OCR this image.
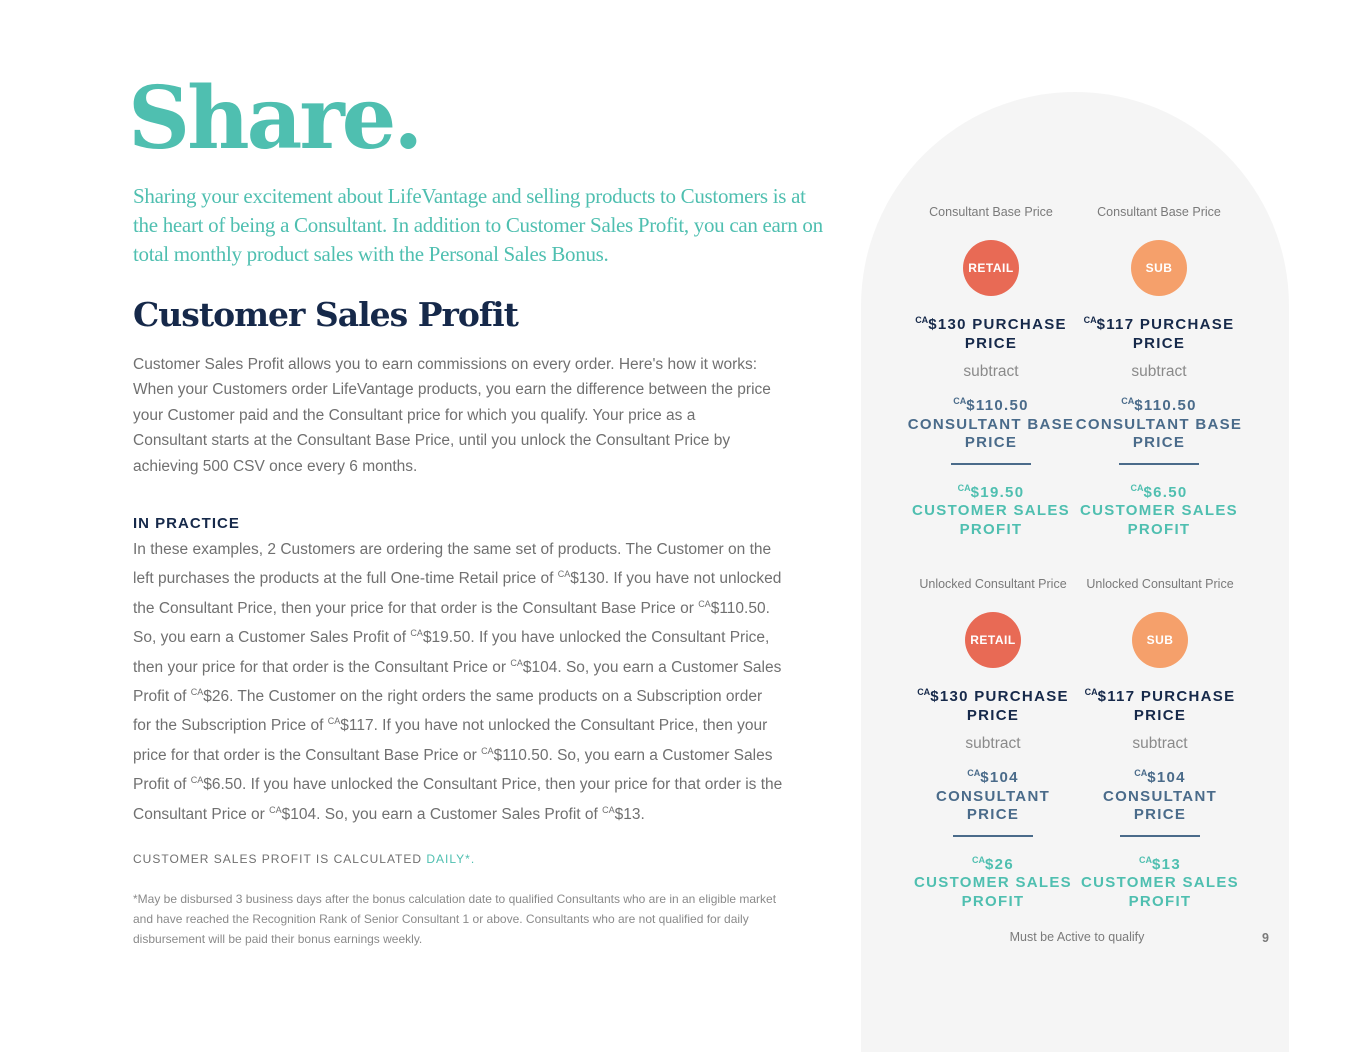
Share.

Sharing your excitement about LifeVantage and selling products to Customers is at the heart of being a Consultant. In addition to Customer Sales Profit, you can earn on total monthly product sales with the Personal Sales Bonus.

Customer Sales Profit

Customer Sales Profit allows you to earn commissions on every order. Here's how it works: When your Customers order LifeVantage products, you earn the difference between the price your Customer paid and the Consultant price for which you qualify. Your price as a Consultant starts at the Consultant Base Price, until you unlock the Consultant Price by achieving 500 CSV once every 6 months.

IN PRACTICE

In these examples, 2 Customers are ordering the same set of products. The Customer on the left purchases the products at the full One-time Retail price of $^{CA}$\$130. If you have not unlocked the Consultant Price, then your price for that order is the Consultant Base Price or $^{CA}$\$110.50. So, you earn a Customer Sales Profit of $^{CA}$\$19.50. If you have unlocked the Consultant Price, then your price for that order is the Consultant Price or $^{CA}$\$104. So, you earn a Customer Sales Profit of $^{CA}$\$26. The Customer on the right orders the same products on a Subscription order for the Subscription Price of $^{CA}$\$117. If you have not unlocked the Consultant Price, then your price for that order is the Consultant Base Price or $^{CA}$\$110.50. So, you earn a Customer Sales Profit of $^{CA}$\$6.50. If you have unlocked the Consultant Price, then your price for that order is the Consultant Price or $^{CA}$\$104. So, you earn a Customer Sales Profit of $^{CA}$\$13.

CUSTOMER SALES PROFIT IS CALCULATED DAILY*.

*May be disbursed 3 business days after the bonus calculation date to qualified Consultants who are in an eligible market and have reached the Recognition Rank of Senior Consultant 1 or above. Consultants who are not qualified for daily disbursement will be paid their bonus earnings weekly.

Consultant Base Price
RETAIL
$^{CA}$\$130 PURCHASE PRICE
subtract
$^{CA}$\$110.50
CONSULTANT BASE PRICE
$^{CA}$\$19.50
CUSTOMER SALES PROFIT
Consultant Base Price
SUB
$^{CA}$\$117 PURCHASE PRICE
subtract
$^{CA}$\$110.50
CONSULTANT BASE PRICE
$^{CA}$\$6.50
CUSTOMER SALES PROFIT
Unlocked Consultant Price
RETAIL
$^{CA}$\$130 PURCHASE PRICE
subtract
$^{CA}$\$104
CONSULTANT PRICE
$^{CA}$\$26
CUSTOMER SALES PROFIT
Unlocked Consultant Price
SUB
$^{CA}$\$117 PURCHASE PRICE
subtract
$^{CA}$\$104
CONSULTANT PRICE
$^{CA}$\$13
CUSTOMER SALES PROFIT

Must be Active to qualify	9
